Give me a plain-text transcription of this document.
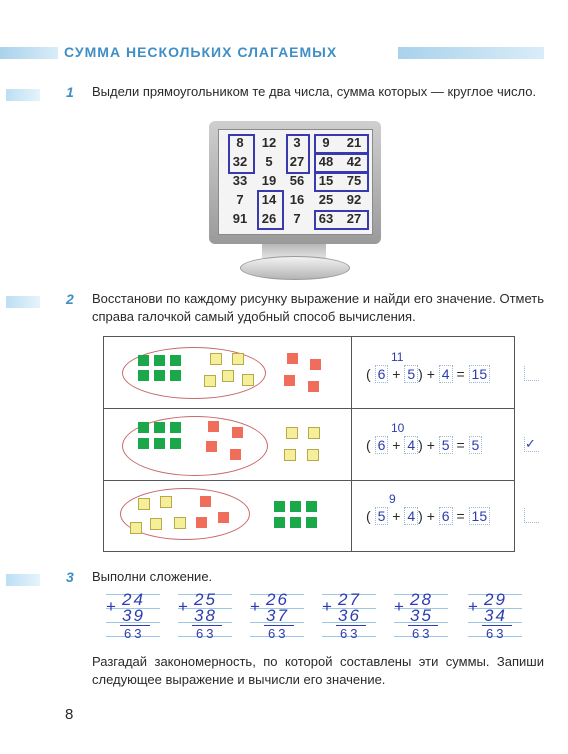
СУММА НЕСКОЛЬКИХ СЛАГАЕМЫХ
1 Выдели прямоугольником те два числа, сумма которых — круглое число.
8	12	3	9	21
32	5	27 48 42
33 19 56 15 75
7	14 16 25 92
91 26	7	63 27
2 Восстанови по каждому рисунку выражение и найди его значение. Отметь справа галочкой самый удобный способ вычисления.
11
( 6 + 5 ) + 4 = 15
10
( 6 + 4 ) + 5 = 5	✓
9
( 5 + 4 ) + 6 = 15
3 Выполни сложение.
+ 24
39
63
+ 25
38
63
+ 26
37
63
+ 27
36
63
+ 28
35
63
+ 29
34
63
Разгадай закономерность, по которой составлены эти суммы. Запиши следующее выражение и вычисли его значение.
8
